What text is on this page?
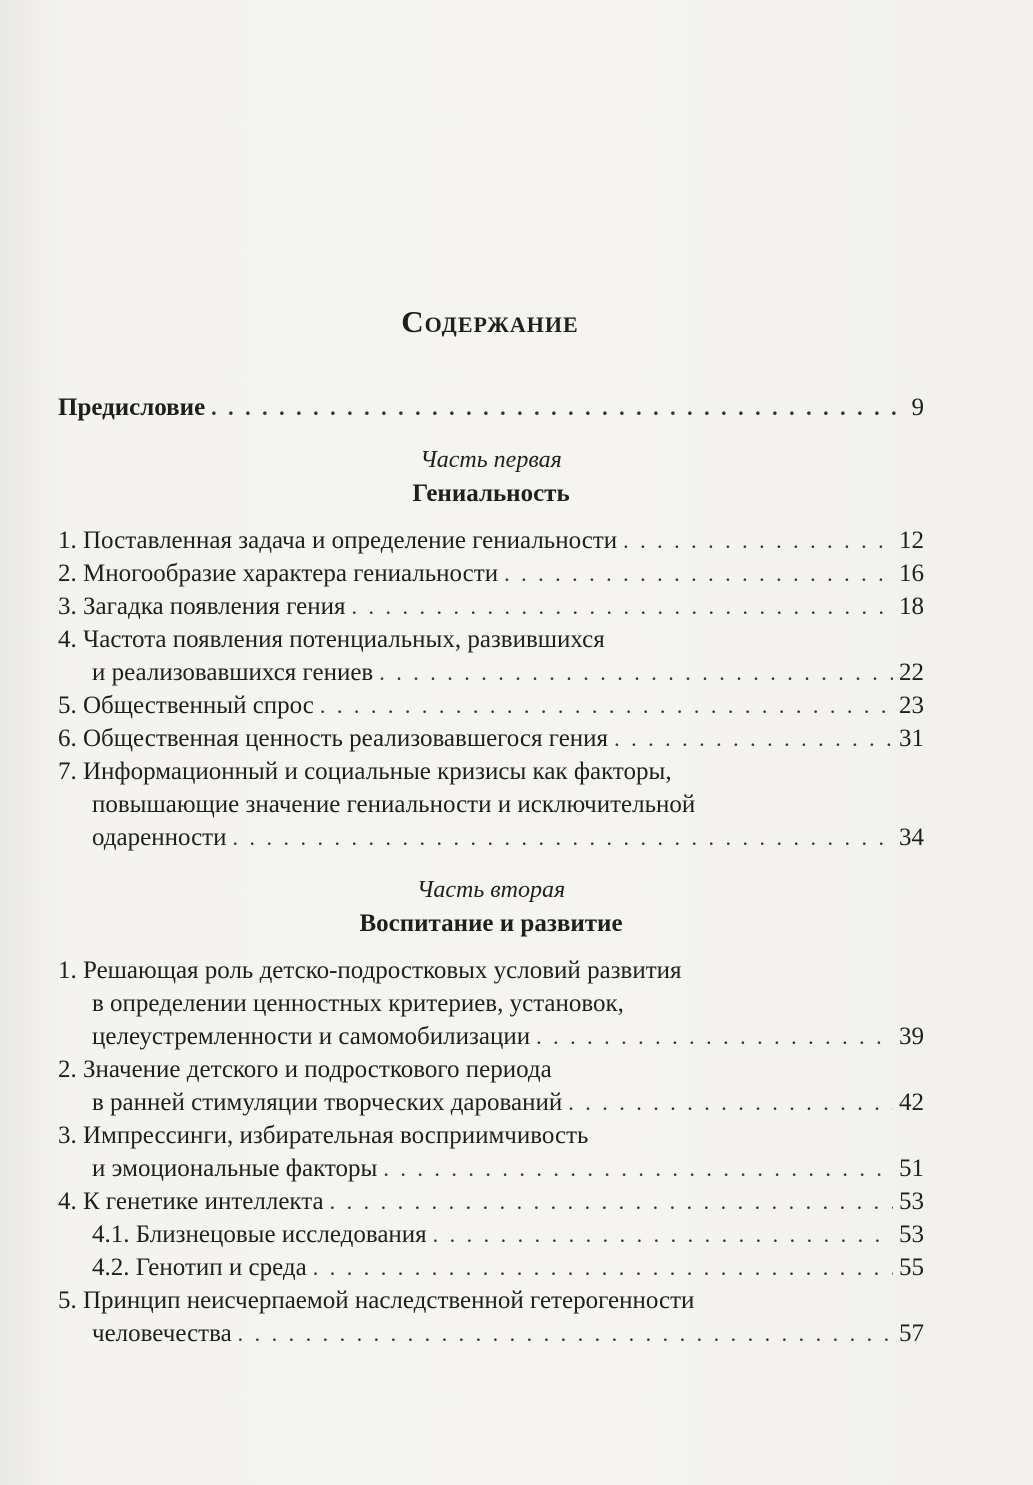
Содержание
Предисловие . . .	9
Часть первая
Гениальность
1. Поставленная задача и определение гениальности . . .	12
2. Многообразие характера гениальности . . .	16
3. Загадка появления гения . . .	18
4. Частота появления потенциальных, развившихся
и реализовавшихся гениев . . .	22
5. Общественный спрос . . .	23
6. Общественная ценность реализовавшегося гения . . .	31
7. Информационный и социальные кризисы как факторы,
повышающие значение гениальности и исключительной
одаренности . . .	34
Часть вторая
Воспитание и развитие
1. Решающая роль детско-подростковых условий развития
в определении ценностных критериев, установок,
целеустремленности и самомобилизации . . .	39
2. Значение детского и подросткового периода
в ранней стимуляции творческих дарований . . .	42
3. Импрессинги, избирательная восприимчивость
и эмоциональные факторы . . .	51
4. К генетике интеллекта . . .	53
4.1. Близнецовые исследования . . .	53
4.2. Генотип и среда . . .	55
5. Принцип неисчерпаемой наследственной гетерогенности
человечества . . .	57
